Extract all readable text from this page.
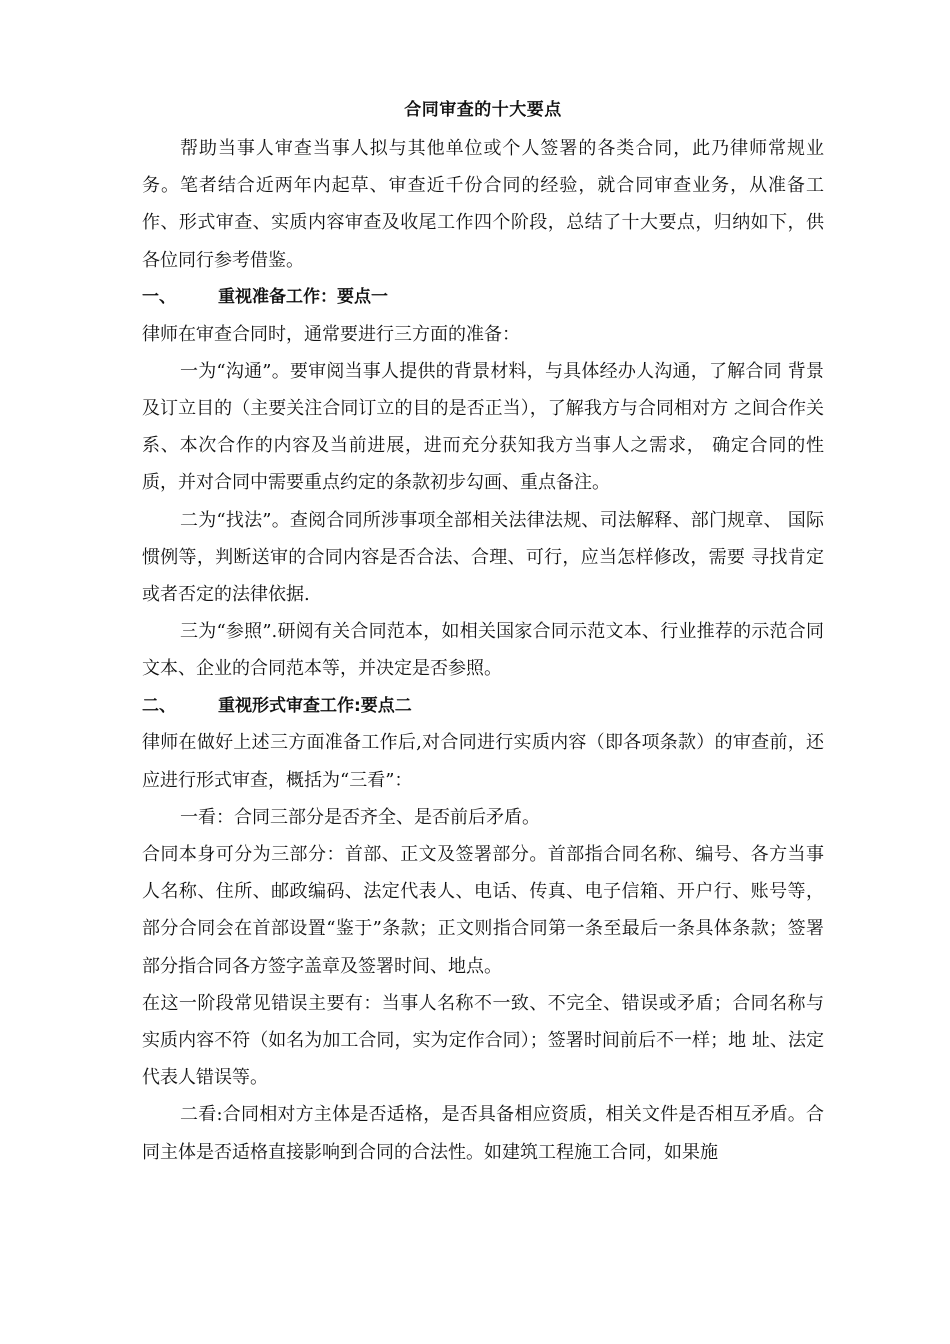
合同审查的十大要点

帮助当事人审查当事人拟与其他单位或个人签署的各类合同，此乃律师常规业务。笔者结合近两年内起草、审查近千份合同的经验，就合同审查业务，从准备工作、形式审查、实质内容审查及收尾工作四个阶段，总结了十大要点，归纳如下，供各位同行参考借鉴。

一、	重视准备工作：要点一

律师在审查合同时，通常要进行三方面的准备：

一为“沟通”。要审阅当事人提供的背景材料，与具体经办人沟通，了解合同 背景及订立目的（主要关注合同订立的目的是否正当），了解我方与合同相对方 之间合作关系、本次合作的内容及当前进展，进而充分获知我方当事人之需求， 确定合同的性质，并对合同中需要重点约定的条款初步勾画、重点备注。

二为“找法”。查阅合同所涉事项全部相关法律法规、司法解释、部门规章、 国际惯例等，判断送审的合同内容是否合法、合理、可行，应当怎样修改，需要 寻找肯定或者否定的法律依据.

三为“参照”.研阅有关合同范本，如相关国家合同示范文本、行业推荐的示范合同文本、企业的合同范本等，并决定是否参照。

二、	重视形式审查工作:要点二

律师在做好上述三方面准备工作后,对合同进行实质内容（即各项条款）的审查前，还应进行形式审查，概括为“三看”：

一看：合同三部分是否齐全、是否前后矛盾。

合同本身可分为三部分：首部、正文及签署部分。首部指合同名称、编号、各方当事人名称、住所、邮政编码、法定代表人、电话、传真、电子信箱、开户行、账号等，部分合同会在首部设置“鉴于”条款；正文则指合同第一条至最后一条具体条款；签署部分指合同各方签字盖章及签署时间、地点。

在这一阶段常见错误主要有：当事人名称不一致、不完全、错误或矛盾；合同名称与实质内容不符（如名为加工合同，实为定作合同）；签署时间前后不一样；地 址、法定代表人错误等。

二看:合同相对方主体是否适格，是否具备相应资质，相关文件是否相互矛盾。合同主体是否适格直接影响到合同的合法性。如建筑工程施工合同，如果施
